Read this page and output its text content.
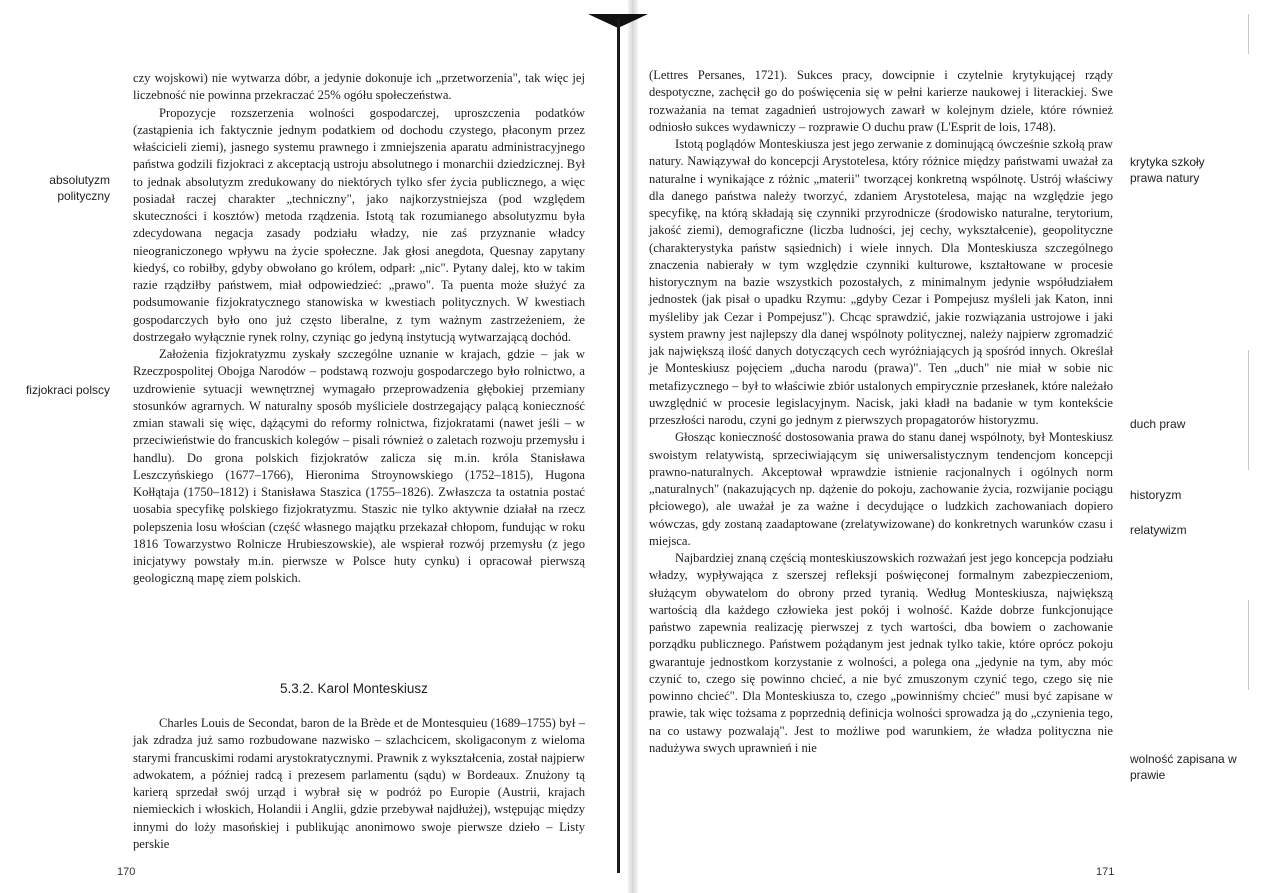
absolutyzm polityczny
fizjokraci polscy

czy wojskowi) nie wytwarza dóbr, a jedynie dokonuje ich „przetworzenia", tak więc jej liczebność nie powinna przekraczać 25% ogółu społeczeństwa.

Propozycje rozszerzenia wolności gospodarczej, uproszczenia podatków (zastąpienia ich faktycznie jednym podatkiem od dochodu czystego, płaconym przez właścicieli ziemi), jasnego systemu prawnego i zmniejszenia aparatu administracyjnego państwa godzili fizjokraci z akceptacją ustroju absolutnego i monarchii dziedzicznej. Był to jednak absolutyzm zredukowany do niektórych tylko sfer życia publicznego, a więc posiadał raczej charakter „techniczny", jako najkorzystniejsza (pod względem skuteczności i kosztów) metoda rządzenia. Istotą tak rozumianego absolutyzmu była zdecydowana negacja zasady podziału władzy, nie zaś przyznanie władcy nieograniczonego wpływu na życie społeczne. Jak głosi anegdota, Quesnay zapytany kiedyś, co robiłby, gdyby obwołano go królem, odparł: „nic". Pytany dalej, kto w takim razie rządziłby państwem, miał odpowiedzieć: „prawo". Ta puenta może służyć za podsumowanie fizjokratycznego stanowiska w kwestiach politycznych. W kwestiach gospodarczych było ono już często liberalne, z tym ważnym zastrzeżeniem, że dostrzegało wyłącznie rynek rolny, czyniąc go jedyną instytucją wytwarzającą dochód.

Założenia fizjokratyzmu zyskały szczególne uznanie w krajach, gdzie – jak w Rzeczpospolitej Obojga Narodów – podstawą rozwoju gospodarczego było rolnictwo, a uzdrowienie sytuacji wewnętrznej wymagało przeprowadzenia głębokiej przemiany stosunków agrarnych. W naturalny sposób myśliciele dostrzegający palącą konieczność zmian stawali się więc, dążącymi do reformy rolnictwa, fizjokratami (nawet jeśli – w przeciwieństwie do francuskich kolegów – pisali również o zaletach rozwoju przemysłu i handlu). Do grona polskich fizjokratów zalicza się m.in. króla Stanisława Leszczyńskiego (1677–1766), Hieronima Stroynowskiego (1752–1815), Hugona Kołłątaja (1750–1812) i Stanisława Staszica (1755–1826). Zwłaszcza ta ostatnia postać uosabia specyfikę polskiego fizjokratyzmu. Staszic nie tylko aktywnie działał na rzecz polepszenia losu włościan (część własnego majątku przekazał chłopom, fundując w roku 1816 Towarzystwo Rolnicze Hrubieszowskie), ale wspierał rozwój przemysłu (z jego inicjatywy powstały m.in. pierwsze w Polsce huty cynku) i opracował pierwszą geologiczną mapę ziem polskich.

5.3.2. Karol Monteskiusz

Charles Louis de Secondat, baron de la Brède et de Montesquieu (1689–1755) był – jak zdradza już samo rozbudowane nazwisko – szlachcicem, skoligaconym z wieloma starymi francuskimi rodami arystokratycznymi. Prawnik z wykształcenia, został najpierw adwokatem, a później radcą i prezesem parlamentu (sądu) w Bordeaux. Znużony tą karierą sprzedał swój urząd i wybrał się w podróż po Europie (Austrii, krajach niemieckich i włoskich, Holandii i Anglii, gdzie przebywał najdłużej), wstępując między innymi do loży masońskiej i publikując anonimowo swoje pierwsze dzieło – Listy perskie

170

(Lettres Persanes, 1721). Sukces pracy, dowcipnie i czytelnie krytykującej rządy despotyczne, zachęcił go do poświęcenia się w pełni karierze naukowej i literackiej. Swe rozważania na temat zagadnień ustrojowych zawarł w kolejnym dziele, które również odniosło sukces wydawniczy – rozprawie O duchu praw (L'Esprit de lois, 1748).

Istotą poglądów Monteskiusza jest jego zerwanie z dominującą ówcześnie szkołą praw natury. Nawiązywał do koncepcji Arystotelesa, który różnice między państwami uważał za naturalne i wynikające z różnic „materii" tworzącej konkretną wspólnotę. Ustrój właściwy dla danego państwa należy tworzyć, zdaniem Arystotelesa, mając na względzie jego specyfikę, na którą składają się czynniki przyrodnicze (środowisko naturalne, terytorium, jakość ziemi), demograficzne (liczba ludności, jej cechy, wykształcenie), geopolityczne (charakterystyka państw sąsiednich) i wiele innych. Dla Monteskiusza szczególnego znaczenia nabierały w tym względzie czynniki kulturowe, kształtowane w procesie historycznym na bazie wszystkich pozostałych, z minimalnym jedynie współudziałem jednostek (jak pisał o upadku Rzymu: „gdyby Cezar i Pompejusz myśleli jak Katon, inni myśleliby jak Cezar i Pompejusz"). Chcąc sprawdzić, jakie rozwiązania ustrojowe i jaki system prawny jest najlepszy dla danej wspólnoty politycznej, należy najpierw zgromadzić jak największą ilość danych dotyczących cech wyróżniających ją spośród innych. Określał je Monteskiusz pojęciem „ducha narodu (prawa)". Ten „duch" nie miał w sobie nic metafizycznego – był to właściwie zbiór ustalonych empirycznie przesłanek, które należało uwzględnić w procesie legislacyjnym. Nacisk, jaki kładł na badanie w tym kontekście przeszłości narodu, czyni go jednym z pierwszych propagatorów historyzmu.

Głosząc konieczność dostosowania prawa do stanu danej wspólnoty, był Monteskiusz swoistym relatywistą, sprzeciwiającym się uniwersalistycznym tendencjom koncepcji prawno-naturalnych. Akceptował wprawdzie istnienie racjonalnych i ogólnych norm „naturalnych" (nakazujących np. dążenie do pokoju, zachowanie życia, rozwijanie pociągu płciowego), ale uważał je za ważne i decydujące o ludzkich zachowaniach dopiero wówczas, gdy zostaną zaadaptowane (zrelatywizowane) do konkretnych warunków czasu i miejsca.

Najbardziej znaną częścią monteskiuszowskich rozważań jest jego koncepcja podziału władzy, wypływająca z szerszej refleksji poświęconej formalnym zabezpieczeniom, służącym obywatelom do obrony przed tyranią. Według Monteskiusza, największą wartością dla każdego człowieka jest pokój i wolność. Każde dobrze funkcjonujące państwo zapewnia realizację pierwszej z tych wartości, dba bowiem o zachowanie porządku publicznego. Państwem pożądanym jest jednak tylko takie, które oprócz pokoju gwarantuje jednostkom korzystanie z wolności, a polega ona „jedynie na tym, aby móc czynić to, czego się powinno chcieć, a nie być zmuszonym czynić tego, czego się nie powinno chcieć". Dla Monteskiusza to, czego „powinniśmy chcieć" musi być zapisane w prawie, tak więc tożsama z poprzednią definicja wolności sprowadza ją do „czynienia tego, na co ustawy pozwalają". Jest to możliwe pod warunkiem, że władza polityczna nie nadużywa swych uprawnień i nie

krytyka szkoły prawa natury
duch praw
historyzm
relatywizm
wolność zapisana w prawie
171
